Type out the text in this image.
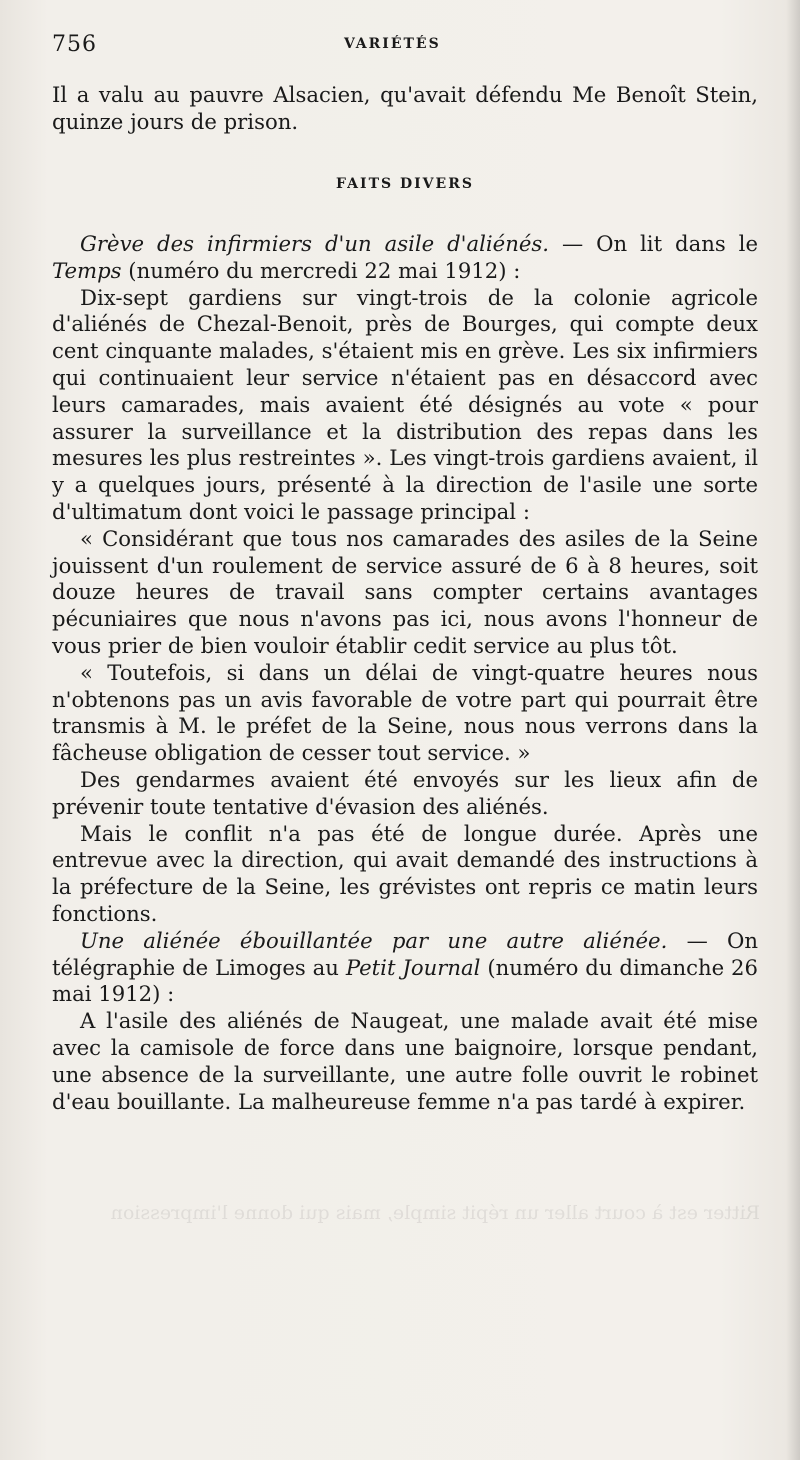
Ritter est à court aller un répit simple, mais qui donne l'impression
756	VARIÉTÉS

Il a valu au pauvre Alsacien, qu'avait défendu Me Benoît Stein, quinze jours de prison.

FAITS DIVERS

Grève des infirmiers d'un asile d'aliénés. — On lit dans le Temps (numéro du mercredi 22 mai 1912) :

Dix-sept gardiens sur vingt-trois de la colonie agricole d'aliénés de Chezal-Benoit, près de Bourges, qui compte deux cent cinquante malades, s'étaient mis en grève. Les six infirmiers qui continuaient leur service n'étaient pas en désaccord avec leurs camarades, mais avaient été désignés au vote « pour assurer la surveillance et la distribution des repas dans les mesures les plus restreintes ». Les vingt-trois gardiens avaient, il y a quelques jours, présenté à la direction de l'asile une sorte d'ultimatum dont voici le passage principal :

« Considérant que tous nos camarades des asiles de la Seine jouissent d'un roulement de service assuré de 6 à 8 heures, soit douze heures de travail sans compter certains avantages pécuniaires que nous n'avons pas ici, nous avons l'honneur de vous prier de bien vouloir établir cedit service au plus tôt.

« Toutefois, si dans un délai de vingt-quatre heures nous n'obtenons pas un avis favorable de votre part qui pourrait être transmis à M. le préfet de la Seine, nous nous verrons dans la fâcheuse obligation de cesser tout service. »

Des gendarmes avaient été envoyés sur les lieux afin de prévenir toute tentative d'évasion des aliénés.

Mais le conflit n'a pas été de longue durée. Après une entrevue avec la direction, qui avait demandé des instructions à la préfecture de la Seine, les grévistes ont repris ce matin leurs fonctions.

Une aliénée ébouillantée par une autre aliénée. — On télégraphie de Limoges au Petit Journal (numéro du dimanche 26 mai 1912) :

A l'asile des aliénés de Naugeat, une malade avait été mise avec la camisole de force dans une baignoire, lorsque pendant, une absence de la surveillante, une autre folle ouvrit le robinet d'eau bouillante. La malheureuse femme n'a pas tardé à expirer.
